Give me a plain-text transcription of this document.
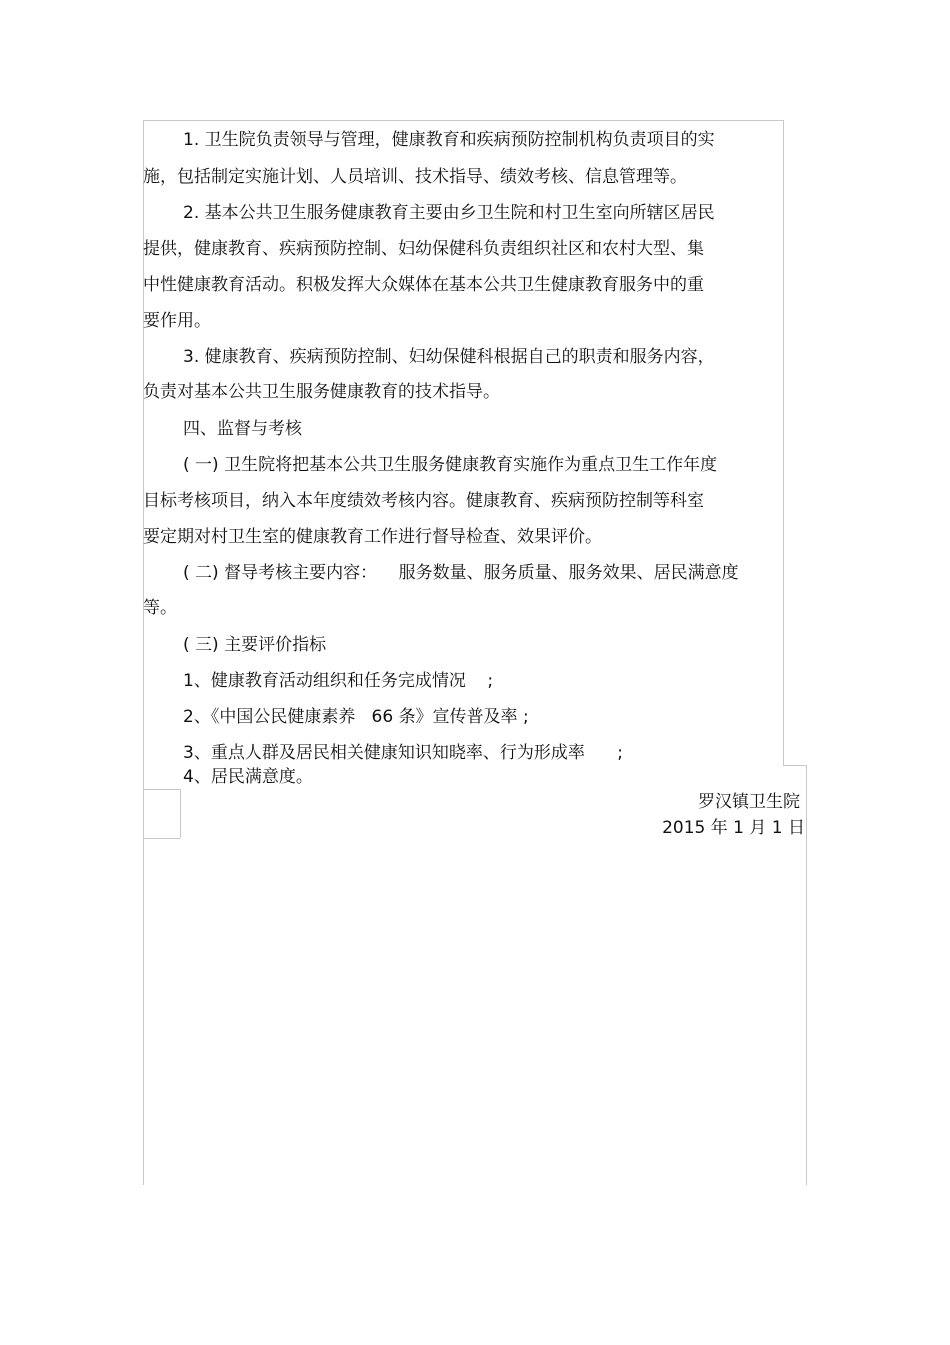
1. 卫生院负责领导与管理，健康教育和疾病预防控制机构负责项目的实
施，包括制定实施计划、人员培训、技术指导、绩效考核、信息管理等。
2. 基本公共卫生服务健康教育主要由乡卫生院和村卫生室向所辖区居民
提供，健康教育、疾病预防控制、妇幼保健科负责组织社区和农村大型、集
中性健康教育活动。积极发挥大众媒体在基本公共卫生健康教育服务中的重
要作用。
3. 健康教育、疾病预防控制、妇幼保健科根据自己的职责和服务内容，
负责对基本公共卫生服务健康教育的技术指导。
四、监督与考核
( 一) 卫生院将把基本公共卫生服务健康教育实施作为重点卫生工作年度
目标考核项目，纳入本年度绩效考核内容。健康教育、疾病预防控制等科室
要定期对村卫生室的健康教育工作进行督导检查、效果评价。
( 二) 督导考核主要内容：    服务数量、服务质量、服务效果、居民满意度
等。
( 三) 主要评价指标
1、健康教育活动组织和任务完成情况    ;
2、《中国公民健康素养   66 条》宣传普及率 ;
3、重点人群及居民相关健康知识知晓率、行为形成率      ;
4、居民满意度。
罗汉镇卫生院
2015 年 1 月 1 日
